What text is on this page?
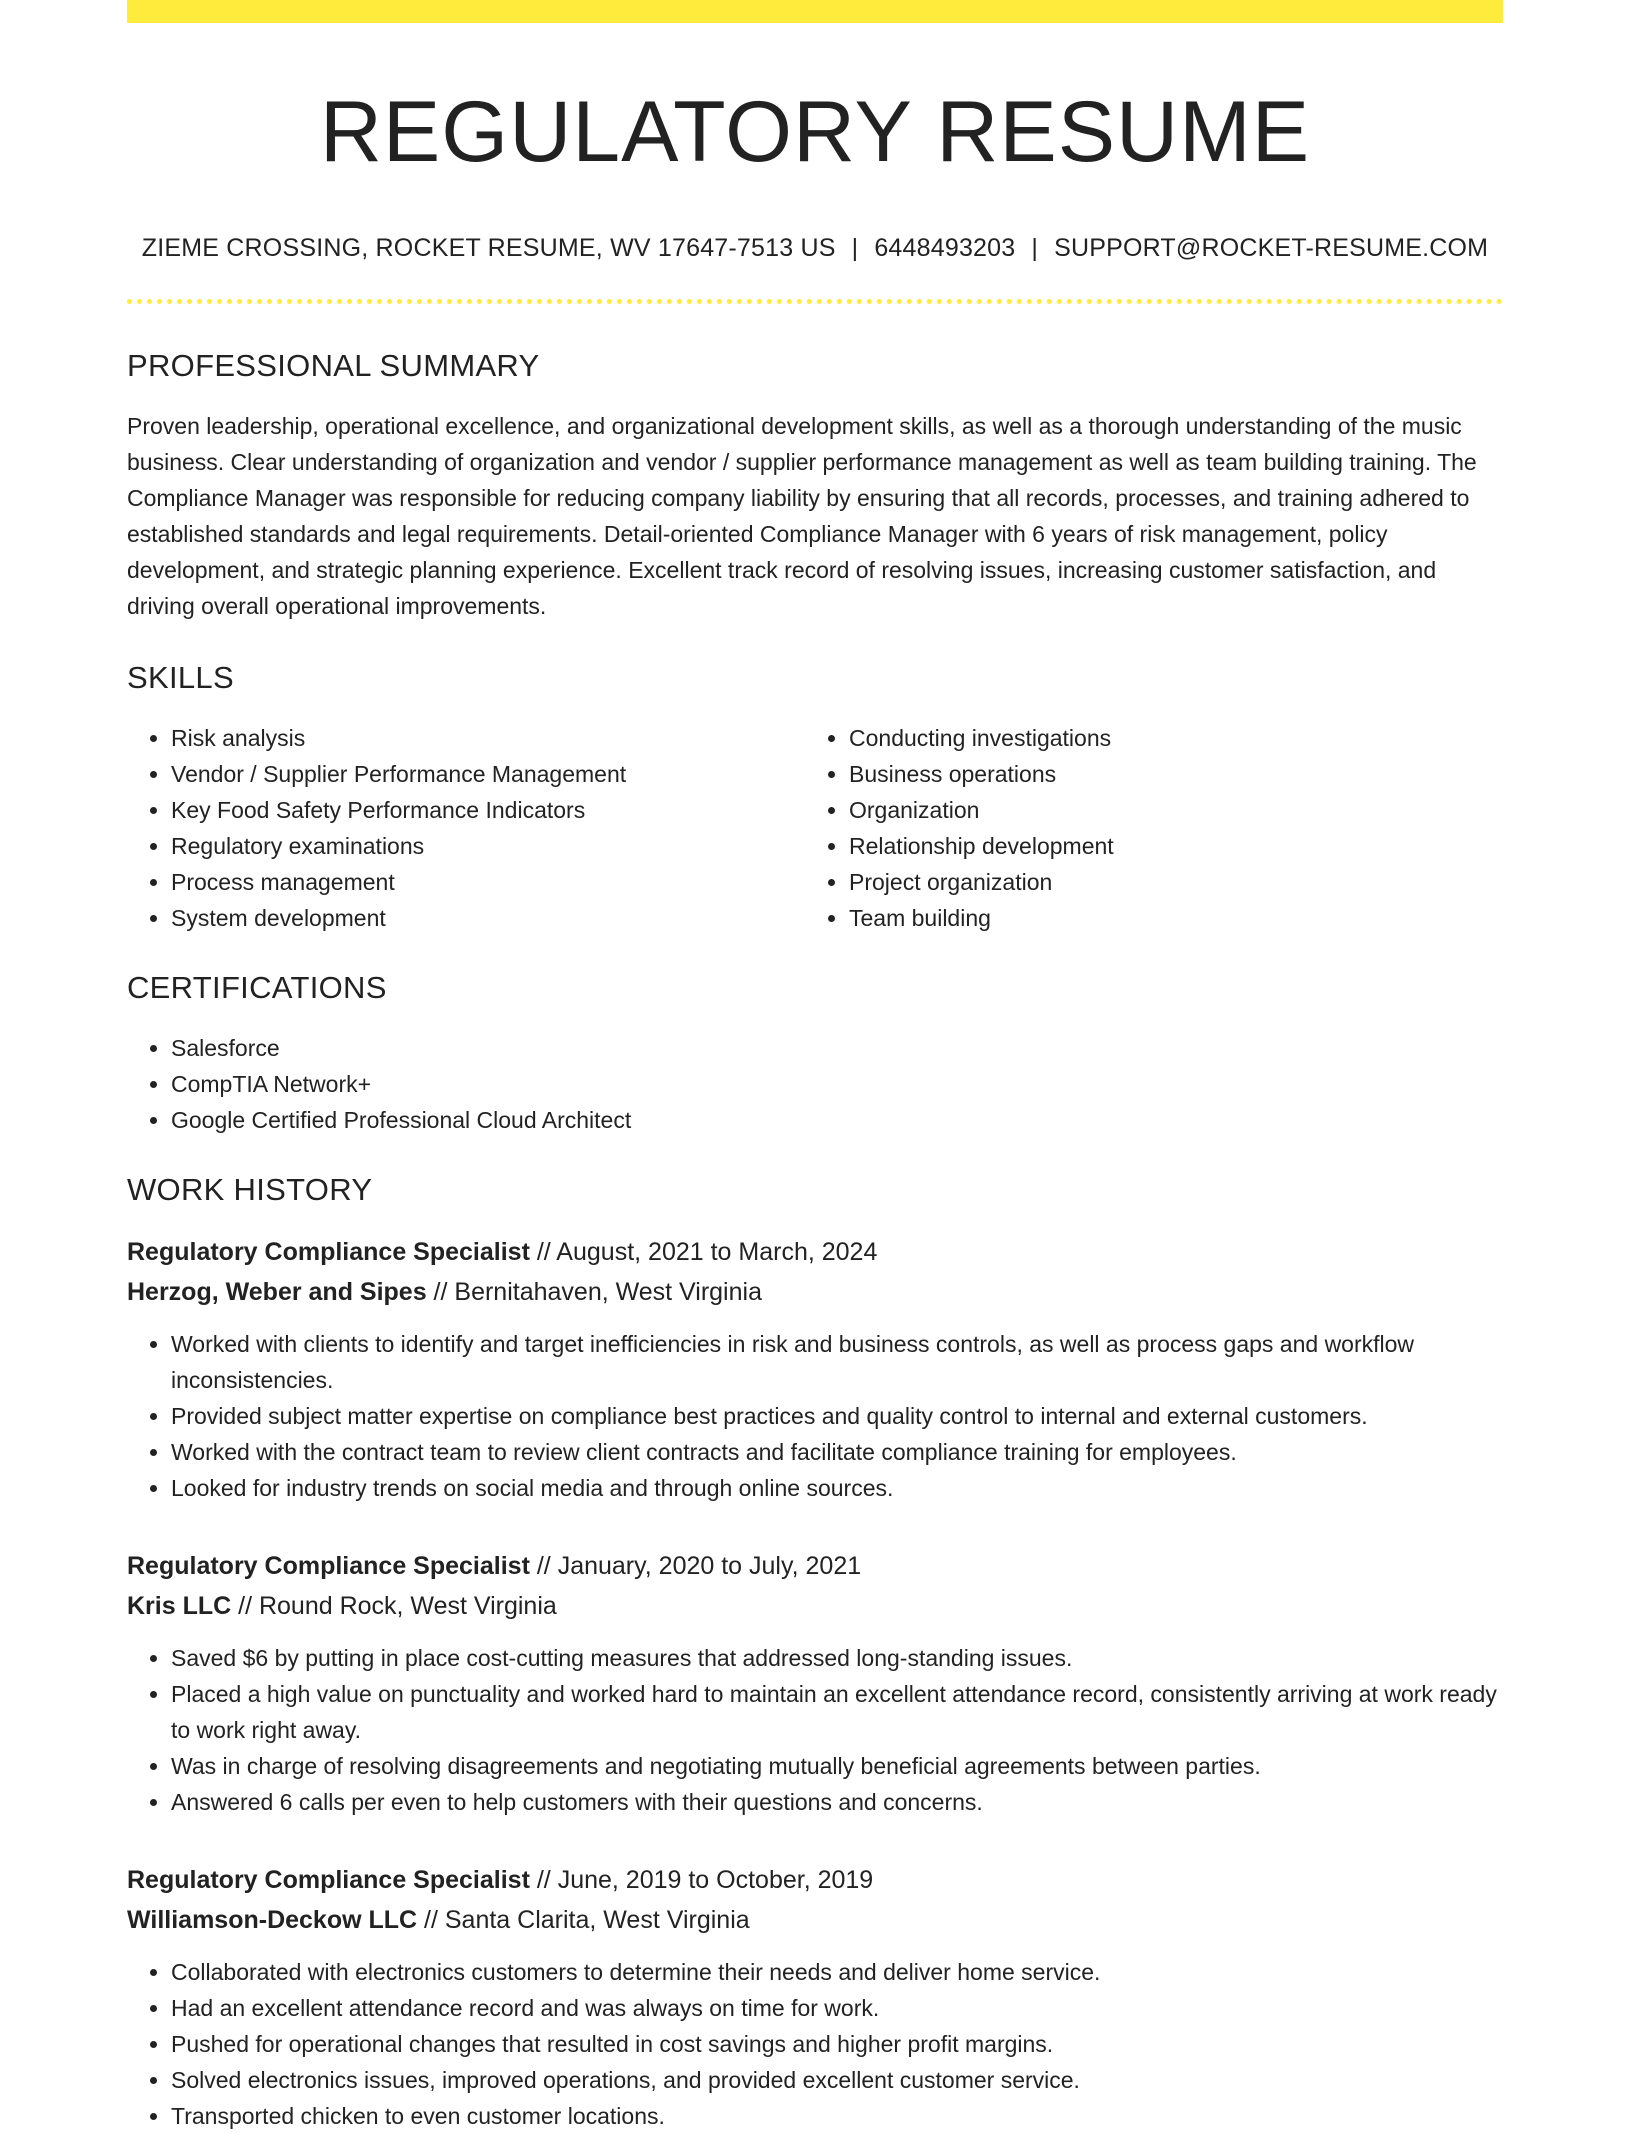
REGULATORY RESUME
ZIEME CROSSING, ROCKET RESUME, WV 17647-7513 US | 6448493203 | SUPPORT@ROCKET-RESUME.COM
PROFESSIONAL SUMMARY

Proven leadership, operational excellence, and organizational development skills, as well as a thorough understanding of the music business. Clear understanding of organization and vendor / supplier performance management as well as team building training. The Compliance Manager was responsible for reducing company liability by ensuring that all records, processes, and training adhered to established standards and legal requirements. Detail-oriented Compliance Manager with 6 years of risk management, policy development, and strategic planning experience. Excellent track record of resolving issues, increasing customer satisfaction, and driving overall operational improvements.

SKILLS
• Risk analysis
• Vendor / Supplier Performance Management
• Key Food Safety Performance Indicators
• Regulatory examinations
• Process management
• System development
• Conducting investigations
• Business operations
• Organization
• Relationship development
• Project organization
• Team building
CERTIFICATIONS
• Salesforce
• CompTIA Network+
• Google Certified Professional Cloud Architect
WORK HISTORY
Regulatory Compliance Specialist // August, 2021 to March, 2024
Herzog, Weber and Sipes // Bernitahaven, West Virginia
• Worked with clients to identify and target inefficiencies in risk and business controls, as well as process gaps and workflow inconsistencies.
• Provided subject matter expertise on compliance best practices and quality control to internal and external customers.
• Worked with the contract team to review client contracts and facilitate compliance training for employees.
• Looked for industry trends on social media and through online sources.
Regulatory Compliance Specialist // January, 2020 to July, 2021
Kris LLC // Round Rock, West Virginia
• Saved $6 by putting in place cost-cutting measures that addressed long-standing issues.
• Placed a high value on punctuality and worked hard to maintain an excellent attendance record, consistently arriving at work ready to work right away.
• Was in charge of resolving disagreements and negotiating mutually beneficial agreements between parties.
• Answered 6 calls per even to help customers with their questions and concerns.
Regulatory Compliance Specialist // June, 2019 to October, 2019
Williamson-Deckow LLC // Santa Clarita, West Virginia
• Collaborated with electronics customers to determine their needs and deliver home service.
• Had an excellent attendance record and was always on time for work.
• Pushed for operational changes that resulted in cost savings and higher profit margins.
• Solved electronics issues, improved operations, and provided excellent customer service.
• Transported chicken to even customer locations.
